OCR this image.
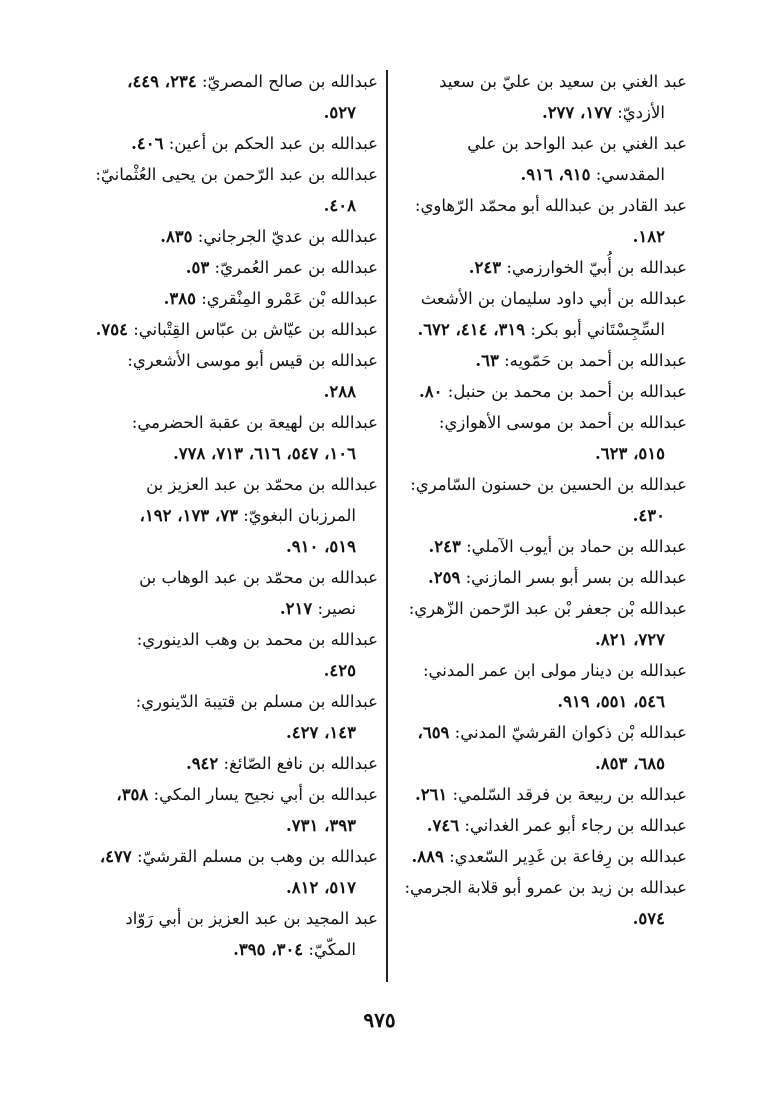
عبد الغني بن سعيد بن عليّ بن سعيد
الأزديّ: ١٧٧، ٢٧٧.
عبد الغني بن عبد الواحد بن علي
المقدسي: ٩١٥، ٩١٦.
عبد القادر بن عبدالله أبو محمّد الرّهاوي:
١٨٢.
عبدالله بن أُبيّ الخوارزمي: ٢٤٣.
عبدالله بن أبي داود سليمان بن الأشعث
السِّجِسْتَاني أبو بكر: ٣١٩، ٤١٤، ٦٧٢.
عبدالله بن أحمد بن حَمّويه: ٦٣.
عبدالله بن أحمد بن محمد بن حنبل: ٨٠.
عبدالله بن أحمد بن موسى الأهوازي:
٥١٥، ٦٢٣.
عبدالله بن الحسين بن حسنون السّامري:
٤٣٠.
عبدالله بن حماد بن أيوب الآملي: ٢٤٣.
عبدالله بن بسر أبو بسر المازني: ٢٥٩.
عبدالله بْن جعفر بْن عبد الرّحمن الزّهري:
٧٢٧، ٨٢١.
عبدالله بن دينار مولى ابن عمر المدني:
٥٤٦، ٥٥١، ٩١٩.
عبدالله بْن ذكوان القرشيّ المدني: ٦٥٩،
٦٨٥، ٨٥٣.
عبدالله بن ربيعة بن فرقد السّلمي: ٢٦١.
عبدالله بن رجاء أبو عمر الغداني: ٧٤٦.
عبدالله بن رِفاعة بن غَدِير السّعدي: ٨٨٩.
عبدالله بن زيد بن عمرو أبو قلابة الجرمي:
٥٧٤.
عبدالله بن صالح المصريّ: ٢٣٤، ٤٤٩،
٥٢٧.
عبدالله بن عبد الحكم بن أعين: ٤٠٦.
عبدالله بن عبد الرّحمن بن يحيى العُثْمانيّ:
٤٠٨.
عبدالله بن عديّ الجرجاني: ٨٣٥.
عبدالله بن عمر العُمريّ: ٥٣.
عبدالله بْن عَمْرو المِنْقري: ٣٨٥.
عبدالله بن عيّاش بن عبّاس القِتْباني: ٧٥٤.
عبدالله بن قيس أبو موسى الأشعري:
٢٨٨.
عبدالله بن لهيعة بن عقبة الحضرمي:
١٠٦، ٥٤٧، ٦١٦، ٧١٣، ٧٧٨.
عبدالله بن محمّد بن عبد العزيز بن
المرزبان البغويّ: ٧٣، ١٧٣، ١٩٢،
٥١٩، ٩١٠.
عبدالله بن محمّد بن عبد الوهاب بن
نصير: ٢١٧.
عبدالله بن محمد بن وهب الدينوري:
٤٢٥.
عبدالله بن مسلم بن قتيبة الدّينوري:
١٤٣، ٤٢٧.
عبدالله بن نافع الصّائغ: ٩٤٢.
عبدالله بن أبي نجيح يسار المكي: ٣٥٨،
٣٩٣، ٧٣١.
عبدالله بن وهب بن مسلم القرشيّ: ٤٧٧،
٥١٧، ٨١٢.
عبد المجيد بن عبد العزيز بن أبي رَوّاد
المكّيّ: ٣٠٤، ٣٩٥.
٩٧٥
